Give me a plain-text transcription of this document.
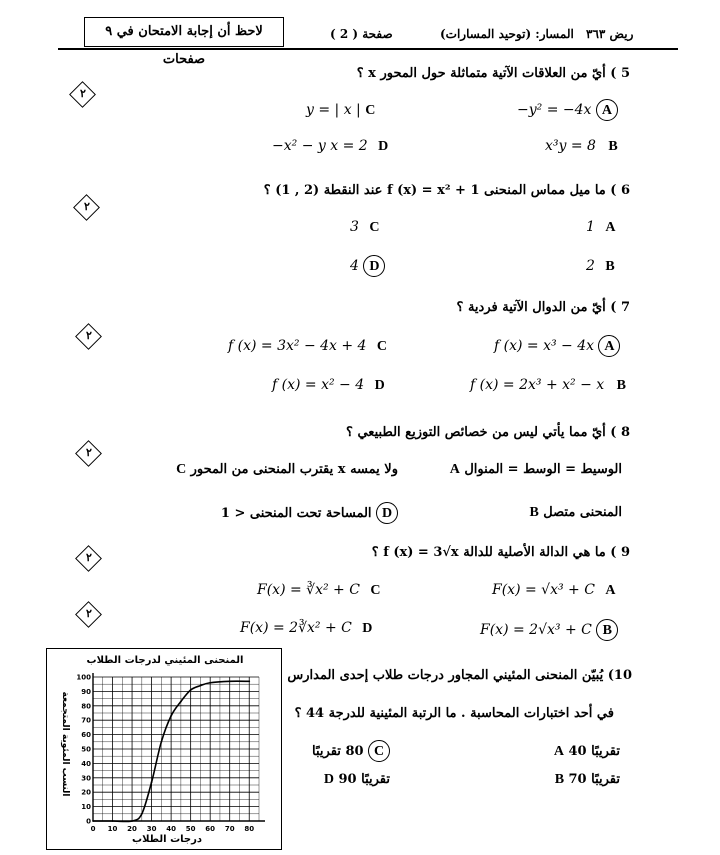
لاحظ أن إجابة الامتحان في ٩ صفحات
صفحة ( 2 )	المسار: (توحيد المسارات) ريض ٣٦٣
٢
٢
٢
٢
٢
٢
5 ) أيّ من العلاقات الآتية متماثلة حول المحور x ؟
−y² = −4x A
y = | x | C
x³y = 8 B
−x² − y x = 2 D
6 ) ما ميل مماس المنحنى f (x) = x² + 1 عند النقطة (2 , 1) ؟
1 A
3 C
2 B
4 D
7 ) أيّ من الدوال الآتية فردية ؟
f (x) = x³ − 4x A
f (x) = 3x² − 4x + 4 C
f (x) = 2x³ + x² − x B
f (x) = x² − 4 D
8 ) أيّ مما يأتي ليس من خصائص التوزيع الطبيعي ؟
A الوسيط = الوسط = المنوال
C يقترب المنحنى من المحور x ولا يمسه
B المنحنى متصل
D المساحة تحت المنحنى < 1
9 ) ما هي الدالة الأصلية للدالة f (x) = 3√x ؟
F(x) = √x³ + C A
F(x) = ∛x² + C C
F(x) = 2√x³ + C B
F(x) = 2∛x² + C D
10) يُبيّن المنحنى المئيني المجاور درجات طلاب إحدى المدارس
في أحد اختبارات المحاسبة . ما الرتبة المئينية للدرجة 44 ؟
A 40 تقريبًا
C 80 تقريبًا
B 70 تقريبًا
D 90 تقريبًا
المنحنى المئيني لدرجات الطلاب
درجات الطلاب
النسب المئوية المتجمعة
0 10 20 30 40 50 60 70 80
0
10
20
30
40
50
60
70
80
90
100
